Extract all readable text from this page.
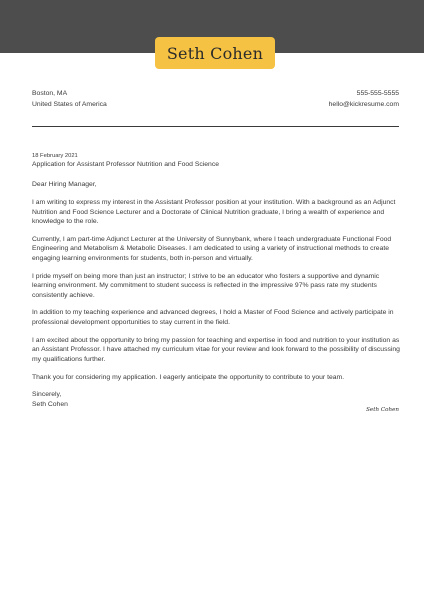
Seth Cohen
Boston, MA
United States of America
555-555-5555
hello@kickresume.com
18 February 2021
Application for Assistant Professor Nutrition and Food Science

Dear Hiring Manager,

I am writing to express my interest in the Assistant Professor position at your institution. With a background as an Adjunct Nutrition and Food Science Lecturer and a Doctorate of Clinical Nutrition graduate, I bring a wealth of experience and knowledge to the role.

Currently, I am part-time Adjunct Lecturer at the University of Sunnybank, where I teach undergraduate Functional Food Engineering and Metabolism & Metabolic Diseases. I am dedicated to using a variety of instructional methods to create engaging learning environments for students, both in-person and virtually.

I pride myself on being more than just an instructor; I strive to be an educator who fosters a supportive and dynamic learning environment. My commitment to student success is reflected in the impressive 97% pass rate my students consistently achieve.

In addition to my teaching experience and advanced degrees, I hold a Master of Food Science and actively participate in professional development opportunities to stay current in the field.

I am excited about the opportunity to bring my passion for teaching and expertise in food and nutrition to your institution as an Assistant Professor. I have attached my curriculum vitae for your review and look forward to the possibility of discussing my qualifications further.

Thank you for considering my application. I eagerly anticipate the opportunity to contribute to your team.

Sincerely,

Seth Cohen

Seth Cohen
